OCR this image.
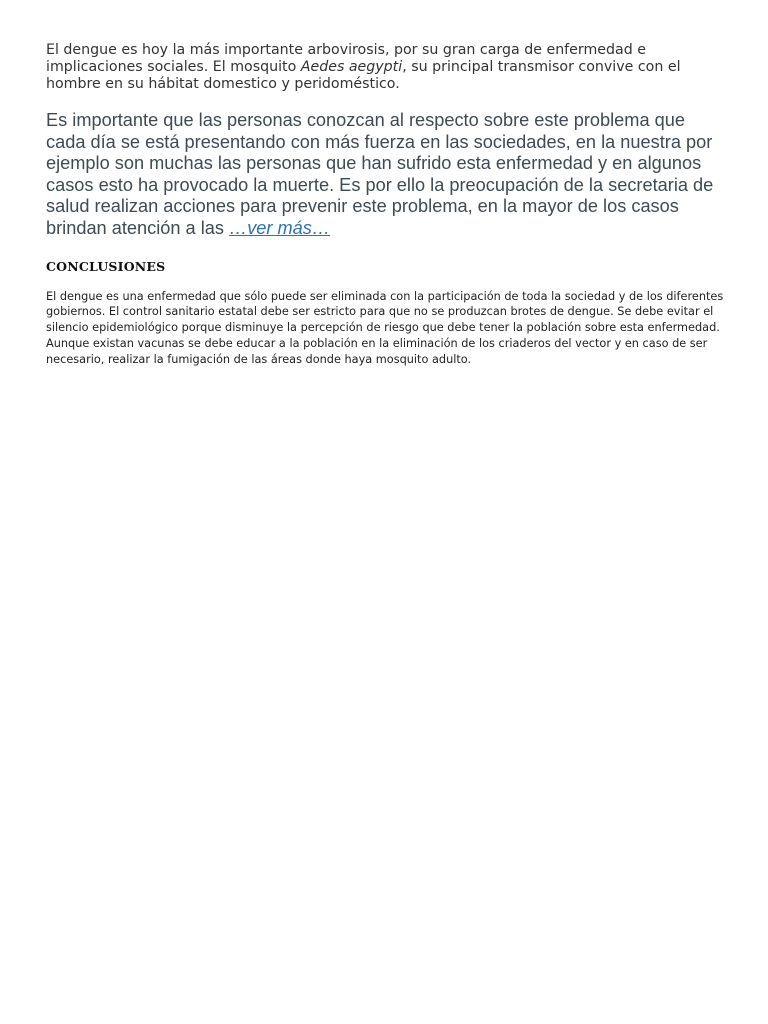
El dengue es hoy la más importante arbovirosis, por su gran carga de enfermedad e implicaciones sociales. El mosquito Aedes aegypti, su principal transmisor convive con el hombre en su hábitat domestico y peridoméstico.

Es importante que las personas conozcan al respecto sobre este problema que cada día se está presentando con más fuerza en las sociedades, en la nuestra por ejemplo son muchas las personas que han sufrido esta enfermedad y en algunos casos esto ha provocado la muerte. Es por ello la preocupación de la secretaria de salud realizan acciones para prevenir este problema, en la mayor de los casos brindan atención a las …ver más…

CONCLUSIONES

El dengue es una enfermedad que sólo puede ser eliminada con la participación de toda la sociedad y de los diferentes gobiernos. El control sanitario estatal debe ser estricto para que no se produzcan brotes de dengue. Se debe evitar el silencio epidemiológico porque disminuye la percepción de riesgo que debe tener la población sobre esta enfermedad. Aunque existan vacunas se debe educar a la población en la eliminación de los criaderos del vector y en caso de ser necesario, realizar la fumigación de las áreas donde haya mosquito adulto.
